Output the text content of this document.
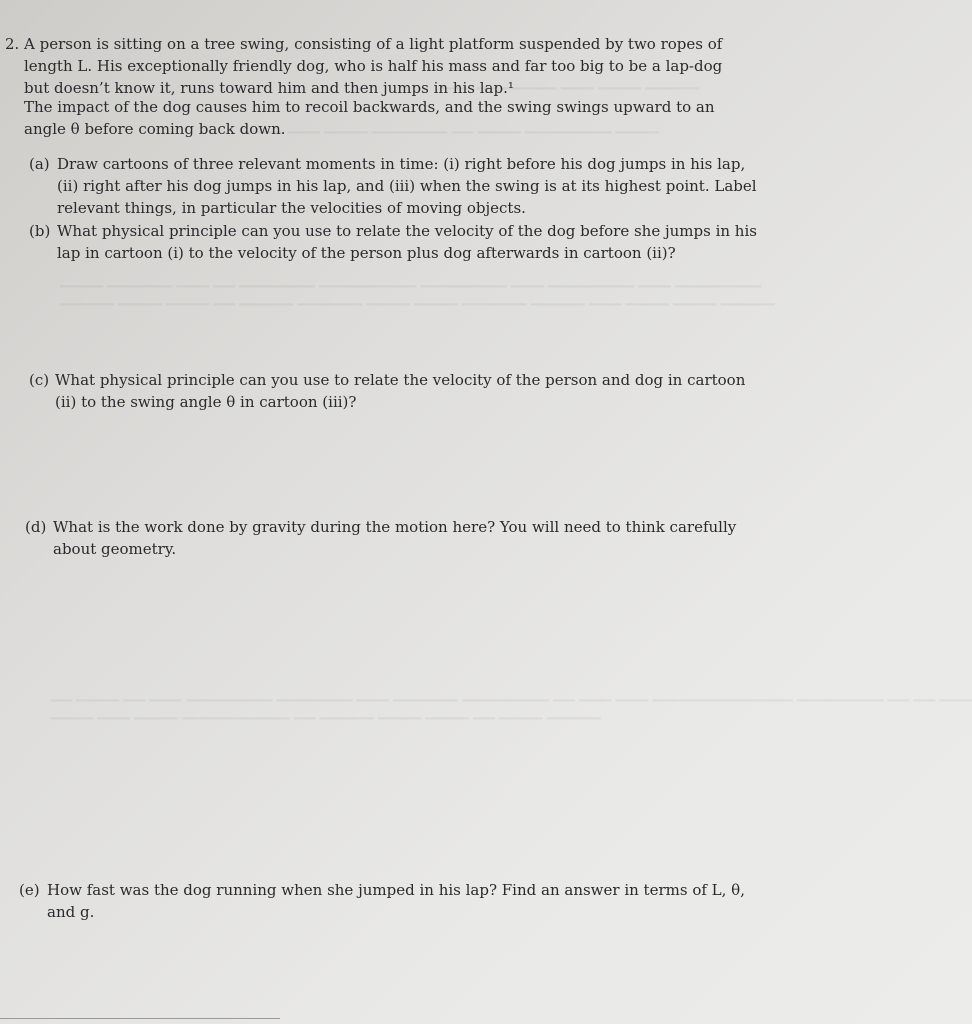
▁▁▁ ▁▁ ▁▁▁▁▁ ▁▁▁ ▁▁▁▁ ▁▁▁▁▁
▁▁▁▁ ▁▁▁ ▁▁▁▁ ▁▁▁▁▁▁▁ ▁▁ ▁▁▁▁ ▁▁▁▁▁▁▁▁ ▁▁▁▁
▁▁▁▁ ▁▁▁▁▁▁ ▁▁▁ ▁▁ ▁▁▁▁▁▁▁ ▁▁▁▁▁▁▁▁▁ ▁▁▁▁▁▁▁▁ ▁▁▁ ▁▁▁▁▁▁▁▁ ▁▁▁ ▁▁▁▁▁▁▁▁
▁▁▁▁▁ ▁▁▁▁ ▁▁▁▁ ▁▁ ▁▁▁▁▁ ▁▁▁▁▁▁ ▁▁▁▁ ▁▁▁▁ ▁▁▁▁▁▁ ▁▁▁▁▁ ▁▁▁ ▁▁▁▁ ▁▁▁▁ ▁▁▁▁▁
▁▁ ▁▁▁▁ ▁▁ ▁▁▁ ▁▁▁▁▁▁▁▁ ▁▁▁▁▁▁▁ ▁▁▁ ▁▁▁▁▁▁ ▁▁▁▁▁▁▁▁ ▁▁ ▁▁▁ ▁▁▁ ▁▁▁▁▁▁▁▁▁▁▁▁▁ ▁▁▁▁▁▁▁▁ ▁▁ ▁▁ ▁▁▁
▁▁▁▁ ▁▁▁ ▁▁▁▁ ▁▁▁▁▁▁▁▁▁▁ ▁▁ ▁▁▁▁▁ ▁▁▁▁ ▁▁▁▁ ▁▁ ▁▁▁▁ ▁▁▁▁▁
2. A person is sitting on a tree swing, consisting of a light platform suspended by two ropes of length L. His exceptionally friendly dog, who is half his mass and far too big to be a lap-dog but doesn’t know it, runs toward him and then jumps in his lap.¹
The impact of the dog causes him to recoil backwards, and the swing swings upward to an angle θ before coming back down.
(a) Draw cartoons of three relevant moments in time: (i) right before his dog jumps in his lap, (ii) right after his dog jumps in his lap, and (iii) when the swing is at its highest point. Label relevant things, in particular the velocities of moving objects.
(b) What physical principle can you use to relate the velocity of the dog before she jumps in his lap in cartoon (i) to the velocity of the person plus dog afterwards in cartoon (ii)?
(c) What physical principle can you use to relate the velocity of the person and dog in cartoon (ii) to the swing angle θ in cartoon (iii)?
(d) What is the work done by gravity during the motion here? You will need to think carefully about geometry.
(e) How fast was the dog running when she jumped in his lap? Find an answer in terms of L, θ, and g.
